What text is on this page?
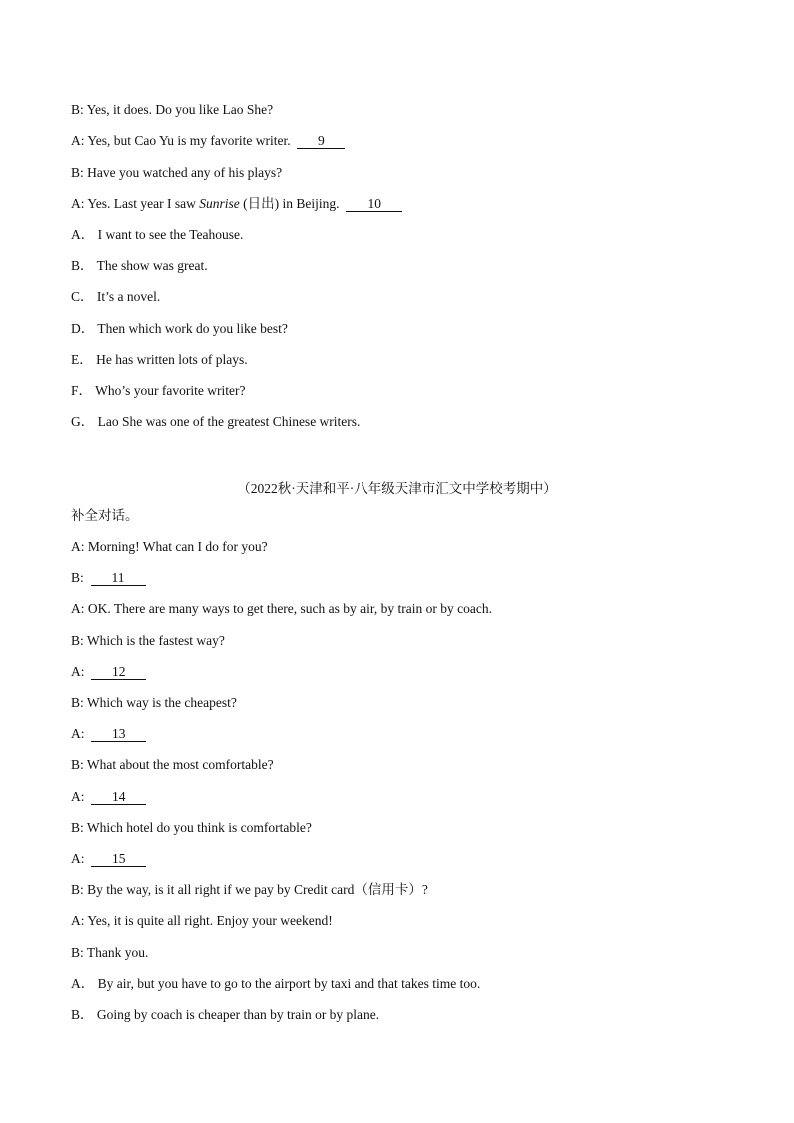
B: Yes, it does. Do you like Lao She?
A: Yes, but Cao Yu is my favorite writer. 9
B: Have you watched any of his plays?
A: Yes. Last year I saw Sunrise (日出) in Beijing. 10
A． I want to see the Teahouse.
B． The show was great.
C． It’s a novel.
D． Then which work do you like best?
E． He has written lots of plays.
F． Who’s your favorite writer?
G． Lao She was one of the greatest Chinese writers.
（2022秋·天津和平·八年级天津市汇文中学校考期中）
补全对话。
A: Morning! What can I do for you?
B: 11
A: OK. There are many ways to get there, such as by air, by train or by coach.
B: Which is the fastest way?
A: 12
B: Which way is the cheapest?
A: 13
B: What about the most comfortable?
A: 14
B: Which hotel do you think is comfortable?
A: 15
B: By the way, is it all right if we pay by Credit card（信用卡）?
A: Yes, it is quite all right. Enjoy your weekend!
B: Thank you.
A． By air, but you have to go to the airport by taxi and that takes time too.
B． Going by coach is cheaper than by train or by plane.
